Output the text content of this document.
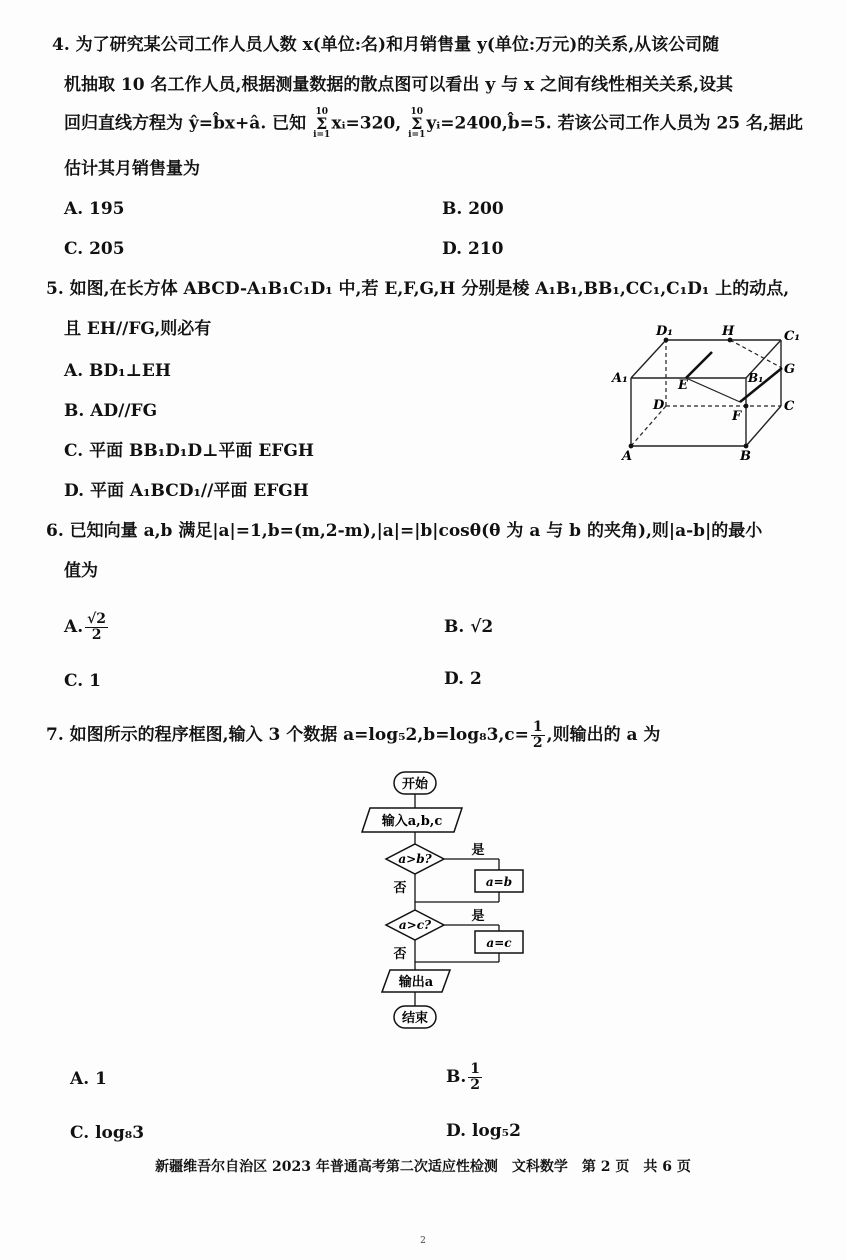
4. 为了研究某公司工作人员人数 x(单位:名)和月销售量 y(单位:万元)的关系,从该公司随
机抽取 10 名工作人员,根据测量数据的散点图可以看出 y 与 x 之间有线性相关关系,设其
回归直线方程为 ŷ=b̂x+â. 已知
10
Σ
i=1
xᵢ=320,
10
Σ
i=1
yᵢ=2400,b̂=5. 若该公司工作人员为 25 名,据此
估计其月销售量为
A. 195	B. 200
C. 205	D. 210
5. 如图,在长方体 ABCD-A₁B₁C₁D₁ 中,若 E,F,G,H 分别是棱 A₁B₁,BB₁,CC₁,C₁D₁ 上的动点,
且 EH//FG,则必有
A. BD₁⊥EH
B. AD//FG
C. 平面 BB₁D₁D⊥平面 EFGH
D. 平面 A₁BCD₁//平面 EFGH
D₁	H	C₁
A₁	E	B₁
G
D	C
F
A	B
6. 已知向量 a,b 满足|a|=1,b=(m,2-m),|a|=|b|cosθ(θ 为 a 与 b 的夹角),则|a-b|的最小
值为
A. $\frac{√2}{2}$	B. √2
C. 1	D. 2
7. 如图所示的程序框图,输入 3 个数据 $a=\log_52,b=\log_83,c= \frac{1}{2}$ ,则输出的 a 为
开始
输入a,b,c
a>b?
是
a=b
否
a>c?
是
a=c
否
输出a
结束
A. 1	B. $\frac{1}{2}$
C. log₈3	D. log₅2
新疆维吾尔自治区 2023 年普通高考第二次适应性检测　文科数学　第 2 页　共 6 页
2
